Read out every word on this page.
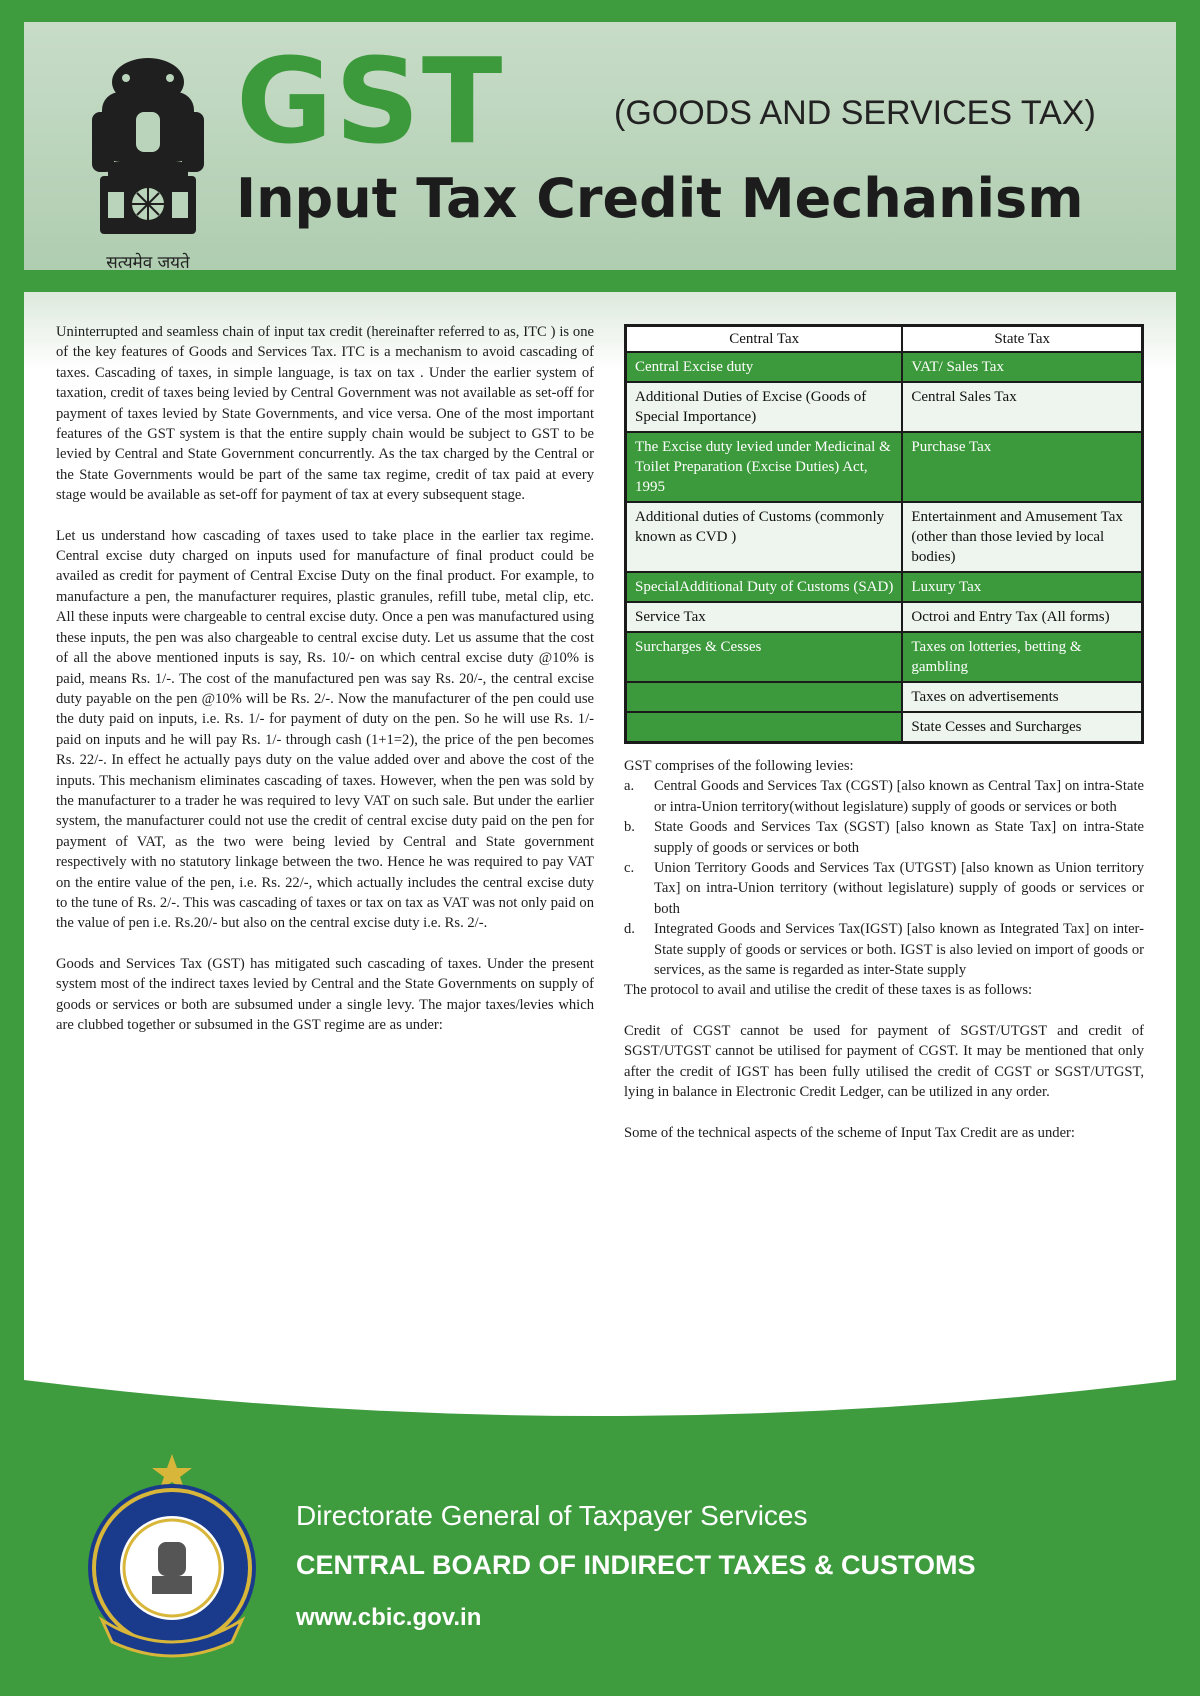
सत्यमेव जयते
GST	(GOODS AND SERVICES TAX)
Input Tax Credit Mechanism

Uninterrupted and seamless chain of input tax credit (hereinafter referred to as, ITC ) is one of the key features of Goods and Services Tax. ITC is a mechanism to avoid cascading of taxes. Cascading of taxes, in simple language, is tax on tax . Under the earlier system of taxation, credit of taxes being levied by Central Government was not available as set-off for payment of taxes levied by State Governments, and vice versa. One of the most important features of the GST system is that the entire supply chain would be subject to GST to be levied by Central and State Government concurrently. As the tax charged by the Central or the State Governments would be part of the same tax regime, credit of tax paid at every stage would be available as set-off for payment of tax at every subsequent stage.

Let us understand how cascading of taxes used to take place in the earlier tax regime. Central excise duty charged on inputs used for manufacture of final product could be availed as credit for payment of Central Excise Duty on the final product. For example, to manufacture a pen, the manufacturer requires, plastic granules, refill tube, metal clip, etc. All these inputs were chargeable to central excise duty. Once a pen was manufactured using these inputs, the pen was also chargeable to central excise duty. Let us assume that the cost of all the above mentioned inputs is say, Rs. 10/- on which central excise duty @10% is paid, means Rs. 1/-. The cost of the manufactured pen was say Rs. 20/-, the central excise duty payable on the pen @10% will be Rs. 2/-. Now the manufacturer of the pen could use the duty paid on inputs, i.e. Rs. 1/- for payment of duty on the pen. So he will use Rs. 1/- paid on inputs and he will pay Rs. 1/- through cash (1+1=2), the price of the pen becomes Rs. 22/-. In effect he actually pays duty on the value added over and above the cost of the inputs. This mechanism eliminates cascading of taxes. However, when the pen was sold by the manufacturer to a trader he was required to levy VAT on such sale. But under the earlier system, the manufacturer could not use the credit of central excise duty paid on the pen for payment of VAT, as the two were being levied by Central and State government respectively with no statutory linkage between the two. Hence he was required to pay VAT on the entire value of the pen, i.e. Rs. 22/-, which actually includes the central excise duty to the tune of Rs. 2/-. This was cascading of taxes or tax on tax as VAT was not only paid on the value of pen i.e. Rs.20/- but also on the central excise duty i.e. Rs. 2/-.

Goods and Services Tax (GST) has mitigated such cascading of taxes. Under the present system most of the indirect taxes levied by Central and the State Governments on supply of goods or services or both are subsumed under a single levy. The major taxes/levies which are clubbed together or subsumed in the GST regime are as under:

Central Tax	State Tax
Central Excise duty	VAT/ Sales Tax
Additional Duties of Excise (Goods of Special Importance)	Central Sales Tax
The Excise duty levied under Medicinal & Toilet Preparation (Excise Duties) Act, 1995	Purchase Tax
Additional duties of Customs (commonly known as CVD )	Entertainment and Amusement Tax (other than those levied by local bodies)
SpecialAdditional Duty of Customs (SAD)	Luxury Tax
Service Tax	Octroi and Entry Tax (All forms)
Surcharges & Cesses	Taxes on lotteries, betting & gambling
	Taxes on advertisements
	State Cesses and Surcharges
GST comprises of the following levies:
a. Central Goods and Services Tax (CGST) [also known as Central Tax] on intra-State or intra-Union territory(without legislature) supply of goods or services or both
b. State Goods and Services Tax (SGST) [also known as State Tax] on intra-State supply of goods or services or both
c. Union Territory Goods and Services Tax (UTGST) [also known as Union territory Tax] on intra-Union territory (without legislature) supply of goods or services or both
d. Integrated Goods and Services Tax(IGST) [also known as Integrated Tax] on inter-State supply of goods or services or both. IGST is also levied on import of goods or services, as the same is regarded as inter-State supply
The protocol to avail and utilise the credit of these taxes is as follows:

Credit of CGST cannot be used for payment of SGST/UTGST and credit of SGST/UTGST cannot be utilised for payment of CGST. It may be mentioned that only after the credit of IGST has been fully utilised the credit of CGST or SGST/UTGST, lying in balance in Electronic Credit Ledger, can be utilized in any order.

Some of the technical aspects of the scheme of Input Tax Credit are as under:

Directorate General of Taxpayer Services
CENTRAL BOARD OF INDIRECT TAXES & CUSTOMS
www.cbic.gov.in
